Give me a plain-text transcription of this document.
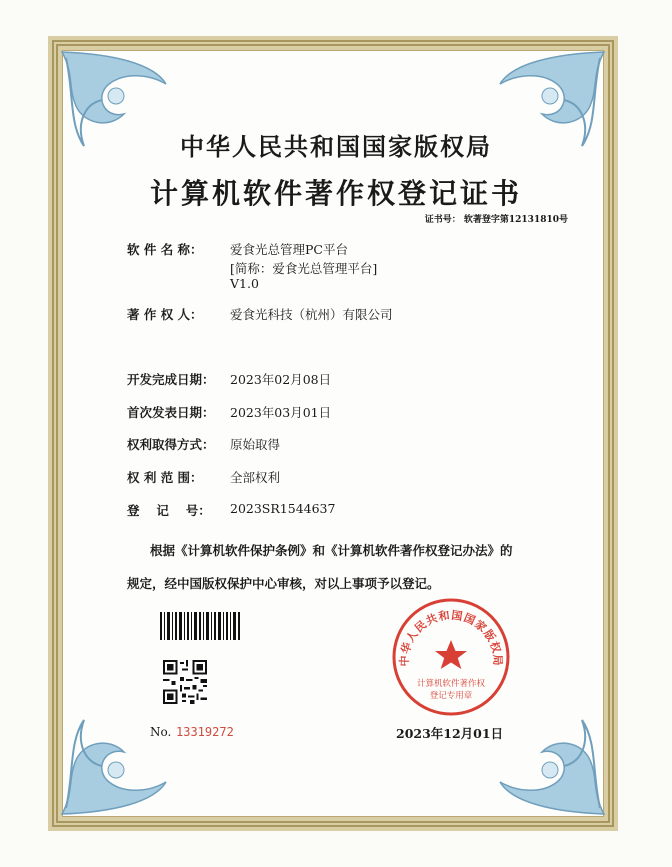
中华人民共和国国家版权局
计算机软件著作权登记证书
证书号： 软著登字第12131810号
软 件 名 称： 爱食光总管理PC平台
[简称：爱食光总管理平台]
V1.0
著 作 权 人： 爱食光科技（杭州）有限公司
开发完成日期： 2023年02月08日
首次发表日期： 2023年03月01日
权利取得方式： 原始取得
权 利 范 围： 全部权利
登　 记　 号： 2023SR1544637
根据《计算机软件保护条例》和《计算机软件著作权登记办法》的
规定，经中国版权保护中心审核，对以上事项予以登记。
No. 13319272
中华人民共和国国家版权局
计算机软件著作权
登记专用章
2023年12月01日
